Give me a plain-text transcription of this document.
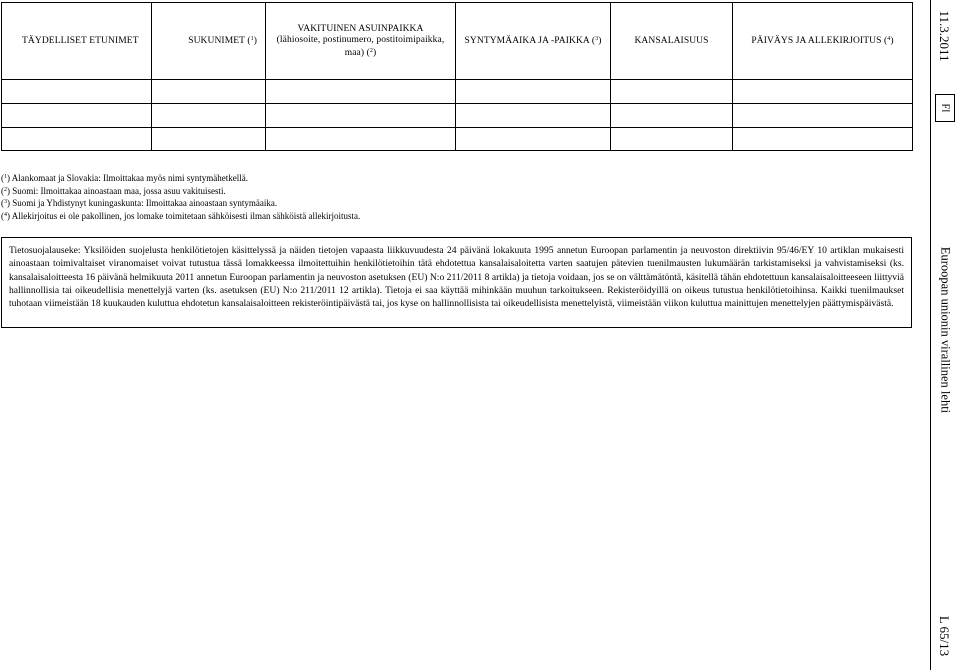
TÄYDELLISET ETUNIMET	SUKUNIMET ($^1$)	VAKITUINEN ASUINPAIKKA
(lähiosoite, postinumero, postitoimipaikka,
maa) ($^2$)	SYNTYMÄAIKA JA -PAIKKA ($^3$)	KANSALAISUUS	PÄIVÄYS JA ALLEKIRJOITUS ($^4$)

($^1$) Alankomaat ja Slovakia: Ilmoittakaa myös nimi syntymähetkellä.
($^2$) Suomi: Ilmoittakaa ainoastaan maa, jossa asuu vakituisesti.
($^3$) Suomi ja Yhdistynyt kuningaskunta: Ilmoittakaa ainoastaan syntymäaika.
($^4$) Allekirjoitus ei ole pakollinen, jos lomake toimitetaan sähköisesti ilman sähköistä allekirjoitusta.
Tietosuojalauseke: Yksilöiden suojelusta henkilötietojen käsittelyssä ja näiden tietojen vapaasta liikkuvuudesta 24 päivänä lokakuuta 1995 annetun Euroopan parlamentin ja neuvoston direktiivin 95/46/EY 10 artiklan mukaisesti ainoastaan toimivaltaiset viranomaiset voivat tutustua tässä lomakkeessa ilmoitettuihin henkilötietoihin tätä ehdotettua kansalaisaloitetta varten saatujen pätevien tuenilmausten lukumäärän tarkistamiseksi ja vahvistamiseksi (ks. kansalaisaloitteesta 16 päivänä helmikuuta 2011 annetun Euroopan parlamentin ja neuvoston asetuksen (EU) N:o 211/2011 8 artikla) ja tietoja voidaan, jos se on välttämätöntä, käsitellä tähän ehdotettuun kansalaisaloitteeseen liittyviä hallinnollisia tai oikeudellisia menettelyjä varten (ks. asetuksen (EU) N:o 211/2011 12 artikla). Tietoja ei saa käyttää mihinkään muuhun tarkoitukseen. Rekisteröidyillä on oikeus tutustua henkilötietoihinsa. Kaikki tuenilmaukset tuhotaan viimeistään 18 kuukauden kuluttua ehdotetun kansalaisaloitteen rekisteröintipäivästä tai, jos kyse on hallinnollisista tai oikeudellisista menettelyistä, viimeistään viikon kuluttua mainittujen menettelyjen päättymispäivästä.
11.3.2011
FI
Euroopan unionin virallinen lehti
L 65/13
